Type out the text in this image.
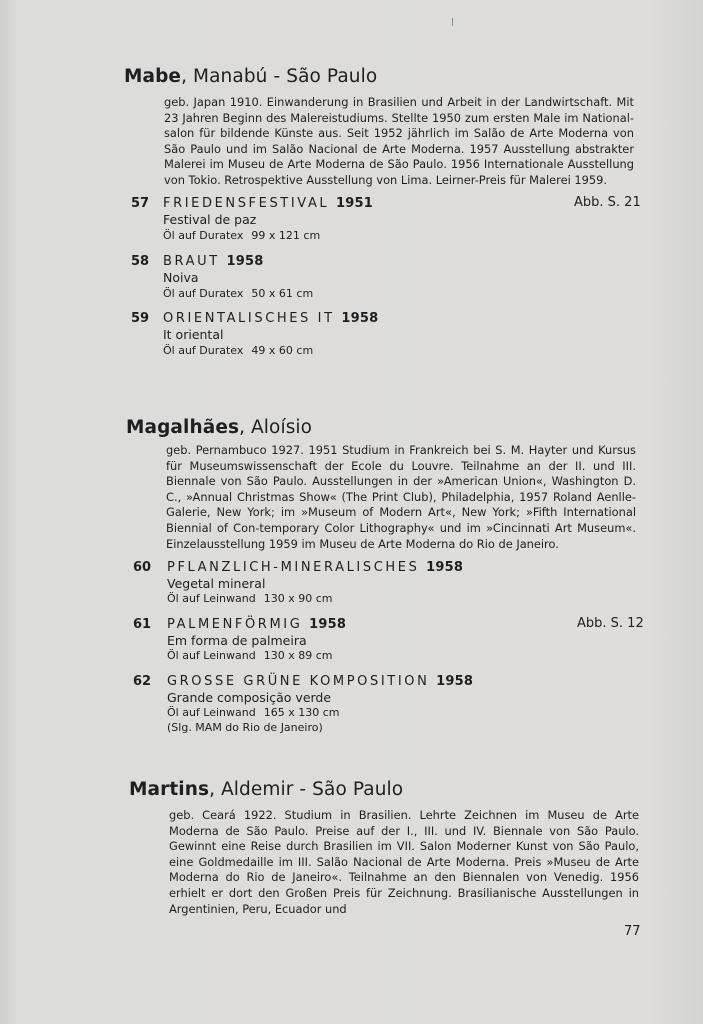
Mabe, Manabú - São Paulo

geb. Japan 1910. Einwanderung in Brasilien und Arbeit in der Landwirtschaft. Mit 23 Jahren Beginn des Malereistudiums. Stellte 1950 zum ersten Male im National-salon für bildende Künste aus. Seit 1952 jährlich im Salão de Arte Moderna von São Paulo und im Salão Nacional de Arte Moderna. 1957 Ausstellung abstrakter Malerei im Museu de Arte Moderna de São Paulo. 1956 Internationale Ausstellung von Tokio. Retrospektive Ausstellung von Lima. Leirner-Preis für Malerei 1959.

57 FRIEDENSFESTIVAL 1951
Festival de paz
Öl auf Duratex 99 x 121 cm
Abb. S. 21
58 BRAUT 1958
Noiva
Öl auf Duratex 50 x 61 cm
59 ORIENTALISCHES IT 1958
It oriental
Öl auf Duratex 49 x 60 cm
Magalhães, Aloísio

geb. Pernambuco 1927. 1951 Studium in Frankreich bei S. M. Hayter und Kursus für Museumswissenschaft der Ecole du Louvre. Teilnahme an der II. und III. Biennale von São Paulo. Ausstellungen in der »American Union«, Washington D. C., »Annual Christmas Show« (The Print Club), Philadelphia, 1957 Roland Aenlle-Galerie, New York; im »Museum of Modern Art«, New York; »Fifth International Biennial of Con-temporary Color Lithography« und im »Cincinnati Art Museum«. Einzelausstellung 1959 im Museu de Arte Moderna do Rio de Janeiro.

60 PFLANZLICH-MINERALISCHES 1958
Vegetal mineral
Öl auf Leinwand 130 x 90 cm
61 PALMENFÖRMIG 1958
Em forma de palmeira
Öl auf Leinwand 130 x 89 cm
Abb. S. 12
62 GROSSE GRÜNE KOMPOSITION 1958
Grande composição verde
Öl auf Leinwand 165 x 130 cm
(Slg. MAM do Rio de Janeiro)
Martins, Aldemir - São Paulo

geb. Ceará 1922. Studium in Brasilien. Lehrte Zeichnen im Museu de Arte Moderna de São Paulo. Preise auf der I., III. und IV. Biennale von São Paulo. Gewinnt eine Reise durch Brasilien im VII. Salon Moderner Kunst von São Paulo, eine Goldmedaille im III. Salão Nacional de Arte Moderna. Preis »Museu de Arte Moderna do Rio de Janeiro«. Teilnahme an den Biennalen von Venedig. 1956 erhielt er dort den Großen Preis für Zeichnung. Brasilianische Ausstellungen in Argentinien, Peru, Ecuador und

77
